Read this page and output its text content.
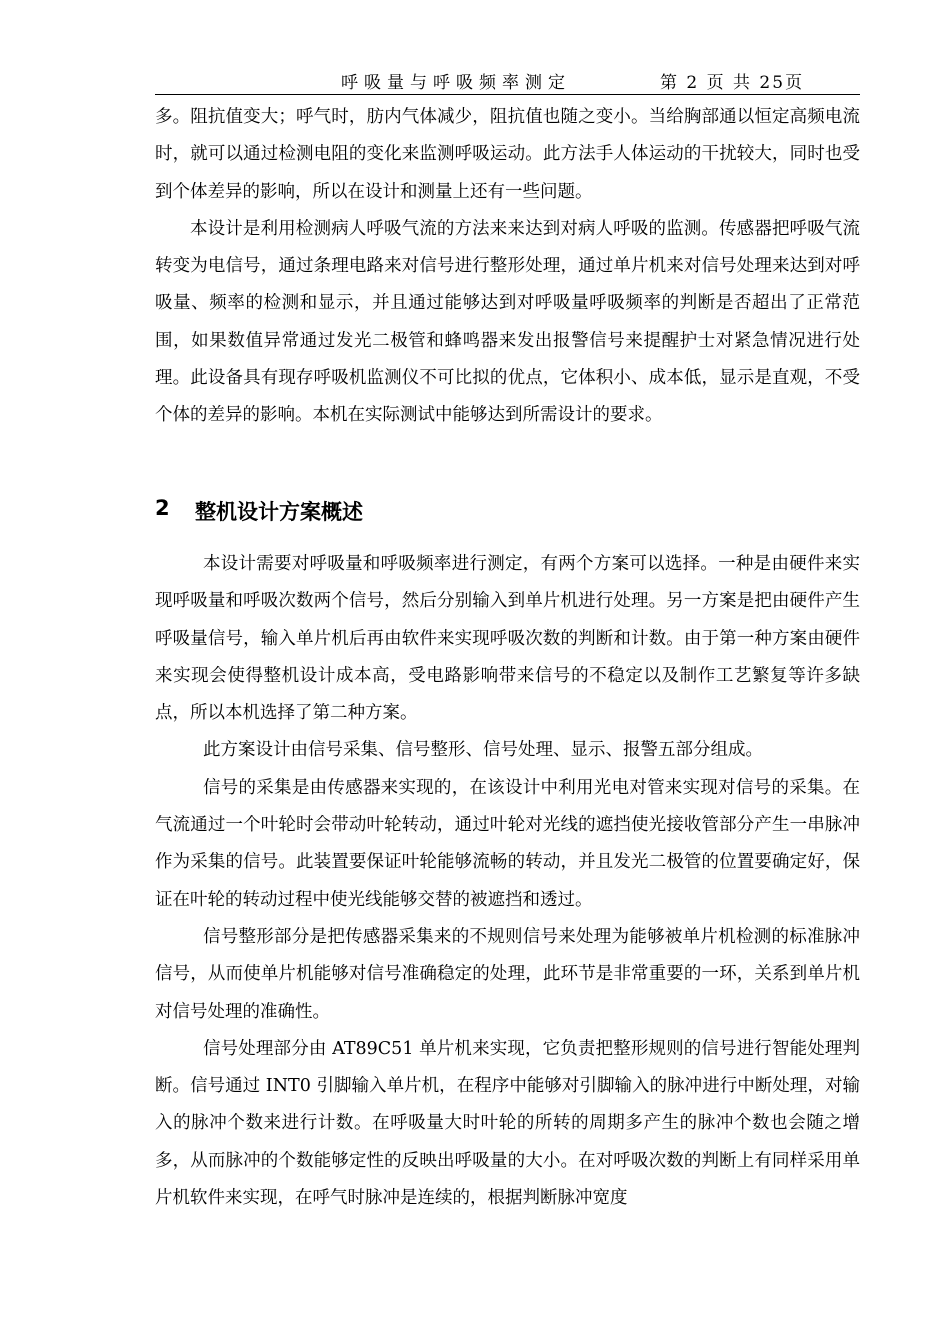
呼吸量与呼吸频率测定	第 2 页 共 25页

多。阻抗值变大；呼气时，肪内气体减少，阻抗值也随之变小。当给胸部通以恒定高频电流时，就可以通过检测电阻的变化来监测呼吸运动。此方法手人体运动的干扰较大，同时也受到个体差异的影响，所以在设计和测量上还有一些问题。

本设计是利用检测病人呼吸气流的方法来来达到对病人呼吸的监测。传感器把呼吸气流转变为电信号，通过条理电路来对信号进行整形处理，通过单片机来对信号处理来达到对呼吸量、频率的检测和显示，并且通过能够达到对呼吸量呼吸频率的判断是否超出了正常范围，如果数值异常通过发光二极管和蜂鸣器来发出报警信号来提醒护士对紧急情况进行处理。此设备具有现存呼吸机监测仪不可比拟的优点，它体积小、成本低，显示是直观，不受个体的差异的影响。本机在实际测试中能够达到所需设计的要求。

2 整机设计方案概述

本设计需要对呼吸量和呼吸频率进行测定，有两个方案可以选择。一种是由硬件来实现呼吸量和呼吸次数两个信号，然后分别输入到单片机进行处理。另一方案是把由硬件产生呼吸量信号，输入单片机后再由软件来实现呼吸次数的判断和计数。由于第一种方案由硬件来实现会使得整机设计成本高，受电路影响带来信号的不稳定以及制作工艺繁复等许多缺点，所以本机选择了第二种方案。

此方案设计由信号采集、信号整形、信号处理、显示、报警五部分组成。

信号的采集是由传感器来实现的，在该设计中利用光电对管来实现对信号的采集。在气流通过一个叶轮时会带动叶轮转动，通过叶轮对光线的遮挡使光接收管部分产生一串脉冲作为采集的信号。此装置要保证叶轮能够流畅的转动，并且发光二极管的位置要确定好，保证在叶轮的转动过程中使光线能够交替的被遮挡和透过。

信号整形部分是把传感器采集来的不规则信号来处理为能够被单片机检测的标准脉冲信号，从而使单片机能够对信号准确稳定的处理，此环节是非常重要的一环，关系到单片机对信号处理的准确性。

信号处理部分由 AT89C51 单片机来实现，它负责把整形规则的信号进行智能处理判断。信号通过 INT0 引脚输入单片机，在程序中能够对引脚输入的脉冲进行中断处理，对输入的脉冲个数来进行计数。在呼吸量大时叶轮的所转的周期多产生的脉冲个数也会随之增多，从而脉冲的个数能够定性的反映出呼吸量的大小。在对呼吸次数的判断上有同样采用单片机软件来实现，在呼气时脉冲是连续的，根据判断脉冲宽度
